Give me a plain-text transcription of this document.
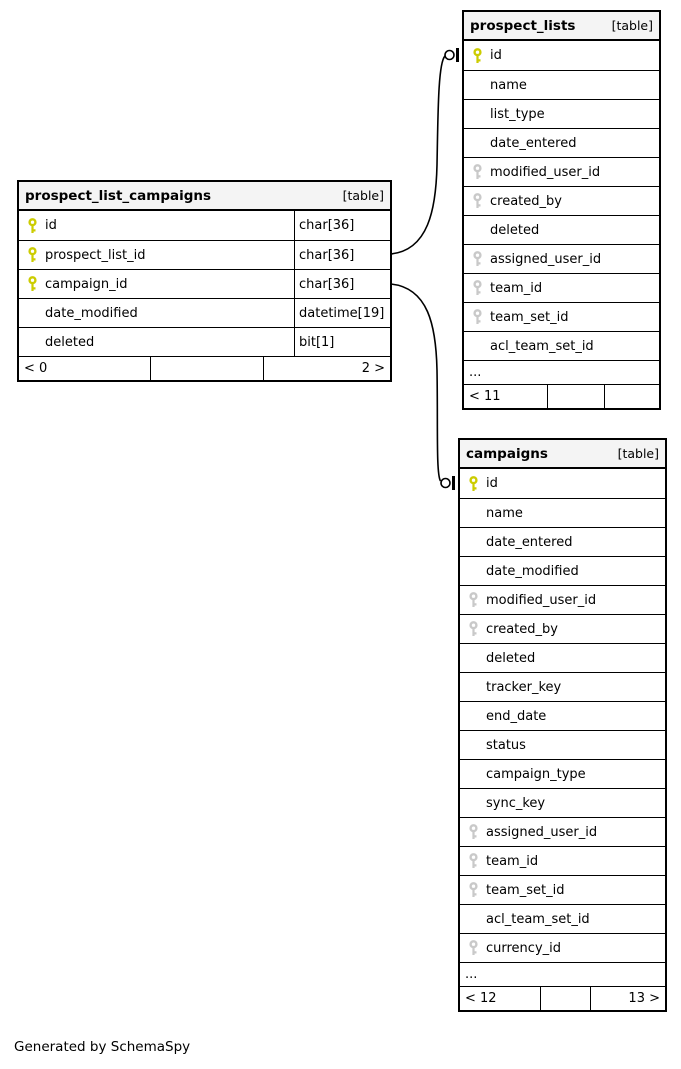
prospect_list_campaigns	[table]
id	char[36]
prospect_list_id	char[36]
campaign_id	char[36]
date_modified	datetime[19]
deleted	bit[1]
< 0	2 >
prospect_lists	[table]
id
name
list_type
date_entered
modified_user_id
created_by
deleted
assigned_user_id
team_id
team_set_id
acl_team_set_id
...
< 11
campaigns	[table]
id
name
date_entered
date_modified
modified_user_id
created_by
deleted
tracker_key
end_date
status
campaign_type
sync_key
assigned_user_id
team_id
team_set_id
acl_team_set_id
currency_id
...
< 12	13 >
Generated by SchemaSpy
